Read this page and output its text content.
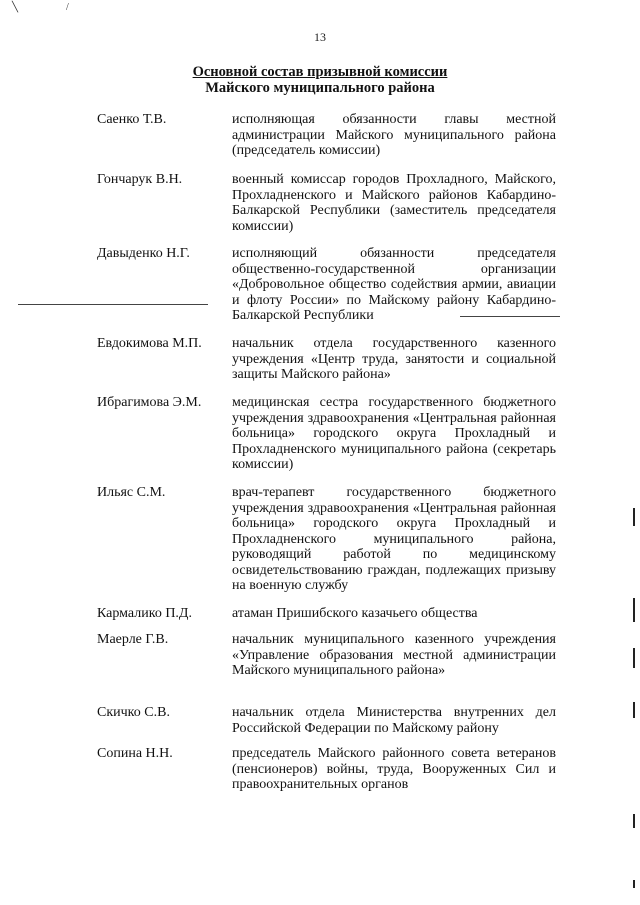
╲	/
13
Основной состав призывной комиссии
Майского муниципального района
Саенко Т.В.	исполняющая обязанности главы местной администрации Майского муниципального района (председатель комиссии)
Гончарук В.Н.	военный комиссар городов Прохладного, Майского, Прохладненского и Майского районов Кабардино-Балкарской Республики (заместитель председателя комиссии)
Давыденко Н.Г.	исполняющий обязанности председателя общественно-государственной организации «Добровольное общество содействия армии, авиации и флоту России» по Майскому району Кабардино-Балкарской Республики
Евдокимова М.П. начальник отдела государственного казенного учреждения «Центр труда, занятости и социальной защиты Майского района»
Ибрагимова Э.М. медицинская сестра государственного бюджетного учреждения здравоохранения «Центральная районная больница» городского округа Прохладный и Прохладненского муниципального района (секретарь комиссии)
Ильяс С.М.	врач-терапевт государственного бюджетного учреждения здравоохранения «Центральная районная больница» городского округа Прохладный и Прохладненского муниципального района, руководящий работой по медицинскому освидетельствованию граждан, подлежащих призыву на военную службу
Кармалико П.Д.	атаман Пришибского казачьего общества
Маерле Г.В.	начальник муниципального казенного учреждения «Управление образования местной администрации Майского муниципального района»
Скичко С.В.	начальник отдела Министерства внутренних дел Российской Федерации по Майскому району
Сопина Н.Н.	председатель Майского районного совета ветеранов (пенсионеров) войны, труда, Вооруженных Сил и правоохранительных органов
